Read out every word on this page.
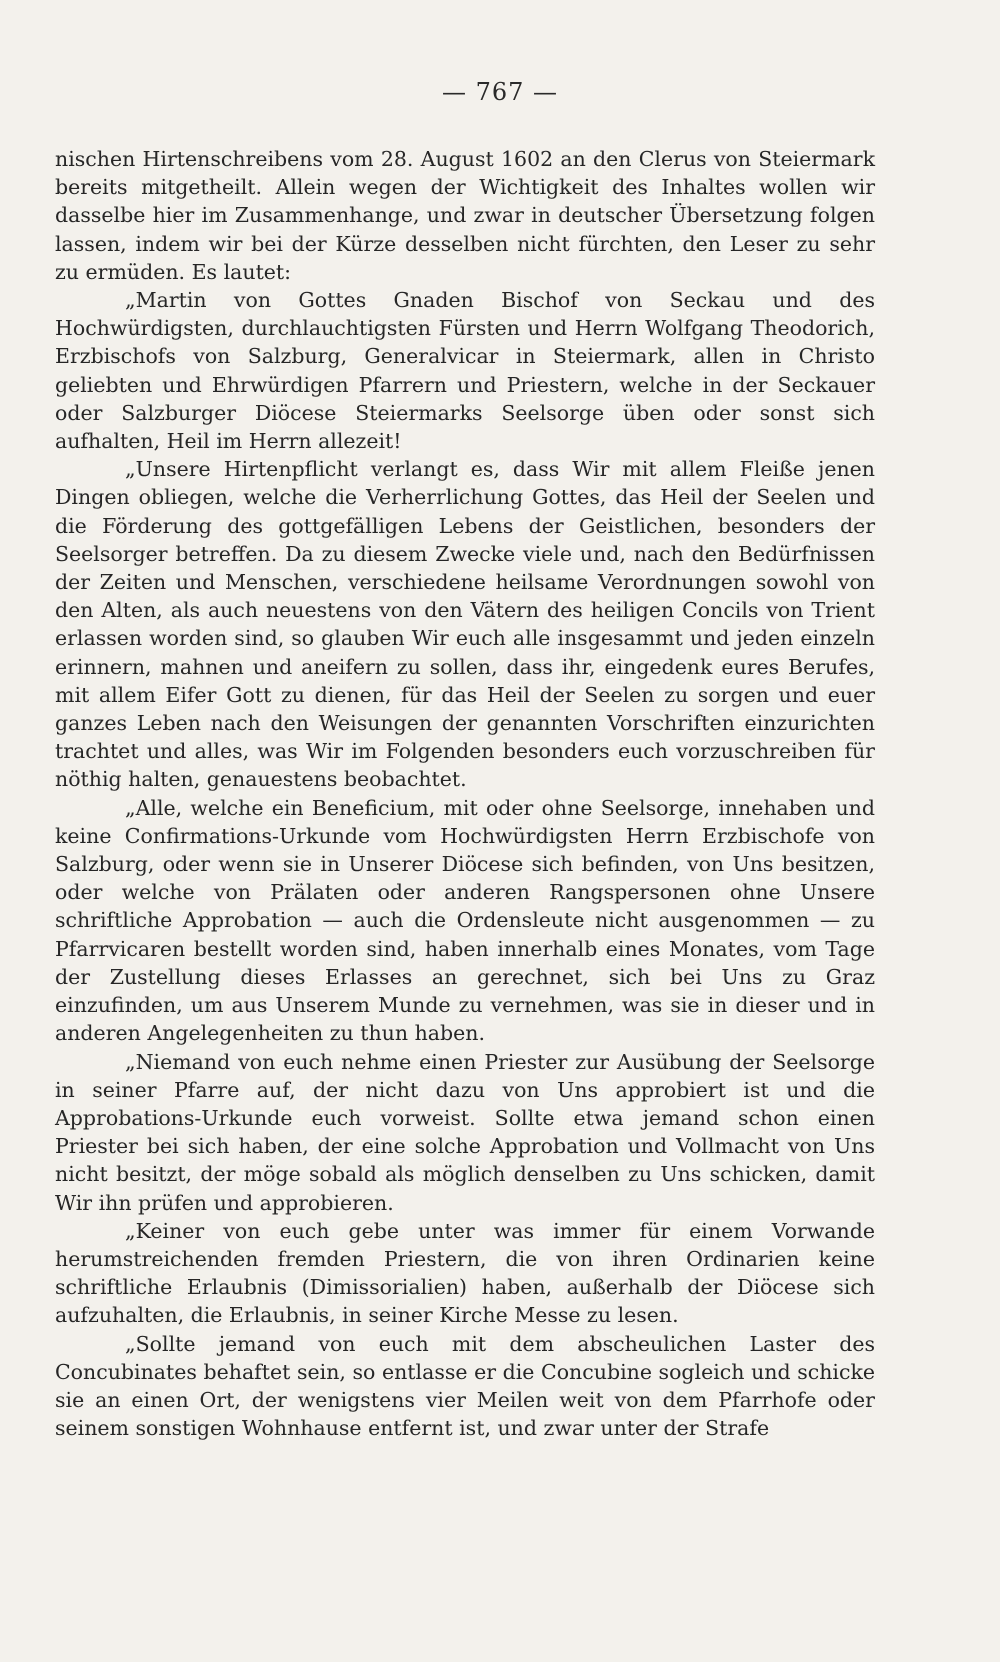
— 767 —

nischen Hirtenschreibens vom 28. August 1602 an den Clerus von Steiermark bereits mitgetheilt. Allein wegen der Wichtigkeit des Inhaltes wollen wir dasselbe hier im Zusammenhange, und zwar in deutscher Übersetzung folgen lassen, indem wir bei der Kürze desselben nicht fürchten, den Leser zu sehr zu ermüden. Es lautet:

„Martin von Gottes Gnaden Bischof von Seckau und des Hochwürdigsten, durchlauchtigsten Fürsten und Herrn Wolfgang Theodorich, Erzbischofs von Salzburg, Generalvicar in Steiermark, allen in Christo geliebten und Ehrwürdigen Pfarrern und Priestern, welche in der Seckauer oder Salzburger Diöcese Steiermarks Seelsorge üben oder sonst sich aufhalten, Heil im Herrn allezeit!

„Unsere Hirtenpflicht verlangt es, dass Wir mit allem Fleiße jenen Dingen obliegen, welche die Verherrlichung Gottes, das Heil der Seelen und die Förderung des gottgefälligen Lebens der Geistlichen, besonders der Seelsorger betreffen. Da zu diesem Zwecke viele und, nach den Bedürfnissen der Zeiten und Menschen, verschiedene heilsame Verordnungen sowohl von den Alten, als auch neuestens von den Vätern des heiligen Concils von Trient erlassen worden sind, so glauben Wir euch alle insgesammt und jeden einzeln erinnern, mahnen und aneifern zu sollen, dass ihr, eingedenk eures Berufes, mit allem Eifer Gott zu dienen, für das Heil der Seelen zu sorgen und euer ganzes Leben nach den Weisungen der genannten Vorschriften einzurichten trachtet und alles, was Wir im Folgenden besonders euch vorzuschreiben für nöthig halten, genauestens beobachtet.

„Alle, welche ein Beneficium, mit oder ohne Seelsorge, innehaben und keine Confirmations-Urkunde vom Hochwürdigsten Herrn Erzbischofe von Salzburg, oder wenn sie in Unserer Diöcese sich befinden, von Uns besitzen, oder welche von Prälaten oder anderen Rangspersonen ohne Unsere schriftliche Approbation — auch die Ordensleute nicht ausgenommen — zu Pfarrvicaren bestellt worden sind, haben innerhalb eines Monates, vom Tage der Zustellung dieses Erlasses an gerechnet, sich bei Uns zu Graz einzufinden, um aus Unserem Munde zu vernehmen, was sie in dieser und in anderen Angelegenheiten zu thun haben.

„Niemand von euch nehme einen Priester zur Ausübung der Seelsorge in seiner Pfarre auf, der nicht dazu von Uns approbiert ist und die Approbations-Urkunde euch vorweist. Sollte etwa jemand schon einen Priester bei sich haben, der eine solche Approbation und Vollmacht von Uns nicht besitzt, der möge sobald als möglich denselben zu Uns schicken, damit Wir ihn prüfen und approbieren.

„Keiner von euch gebe unter was immer für einem Vorwande herumstreichenden fremden Priestern, die von ihren Ordinarien keine schriftliche Erlaubnis (Dimissorialien) haben, außerhalb der Diöcese sich aufzuhalten, die Erlaubnis, in seiner Kirche Messe zu lesen.

„Sollte jemand von euch mit dem abscheulichen Laster des Concubinates behaftet sein, so entlasse er die Concubine sogleich und schicke sie an einen Ort, der wenigstens vier Meilen weit von dem Pfarrhofe oder seinem sonstigen Wohnhause entfernt ist, und zwar unter der Strafe
